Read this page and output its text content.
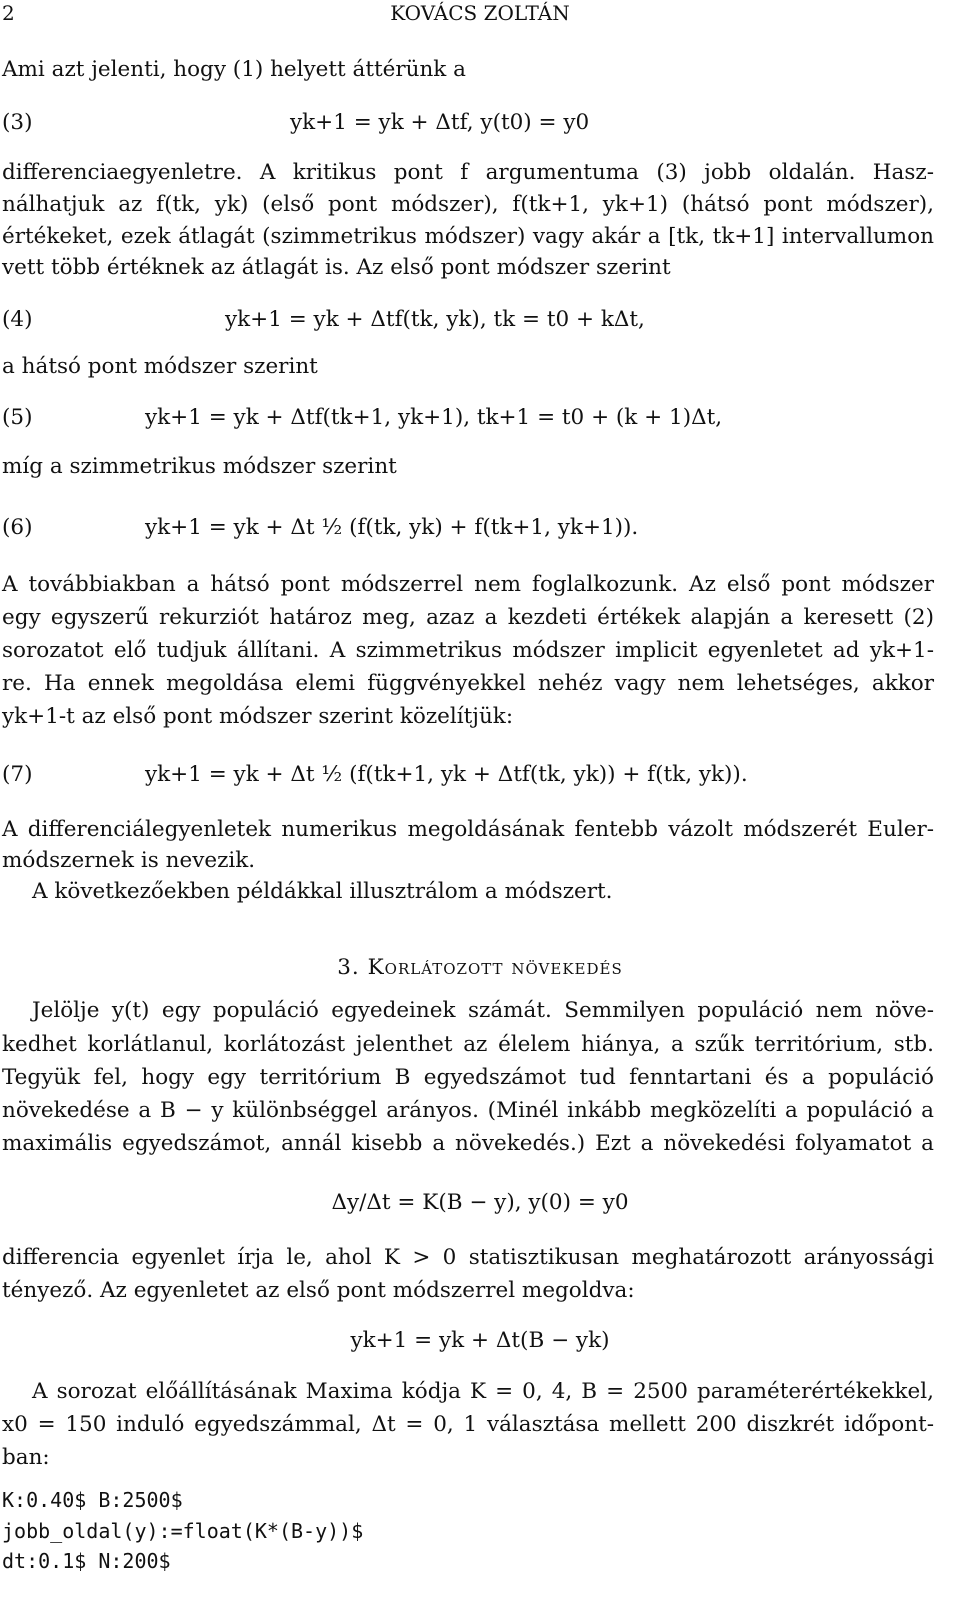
2	KOVÁCS ZOLTÁN
Ami azt jelenti, hogy (1) helyett áttérünk a
(3)	yk+1 = yk + Δtf, y(t0) = y0
differenciaegyenletre. A kritikus pont f argumentuma (3) jobb oldalán. Hasz-
nálhatjuk az f(tk, yk) (első pont módszer), f(tk+1, yk+1) (hátsó pont módszer),
értékeket, ezek átlagát (szimmetrikus módszer) vagy akár a [tk, tk+1] intervallumon
vett több értéknek az átlagát is. Az első pont módszer szerint
(4)	yk+1 = yk + Δtf(tk, yk), tk = t0 + kΔt,
a hátsó pont módszer szerint
(5)	yk+1 = yk + Δtf(tk+1, yk+1), tk+1 = t0 + (k + 1)Δt,
míg a szimmetrikus módszer szerint
(6)	yk+1 = yk + Δt ½ (f(tk, yk) + f(tk+1, yk+1)).
A továbbiakban a hátsó pont módszerrel nem foglalkozunk. Az első pont módszer
egy egyszerű rekurziót határoz meg, azaz a kezdeti értékek alapján a keresett (2)
sorozatot elő tudjuk állítani. A szimmetrikus módszer implicit egyenletet ad yk+1-
re. Ha ennek megoldása elemi függvényekkel nehéz vagy nem lehetséges, akkor
yk+1-t az első pont módszer szerint közelítjük:
(7)	yk+1 = yk + Δt ½ (f(tk+1, yk + Δtf(tk, yk)) + f(tk, yk)).
A differenciálegyenletek numerikus megoldásának fentebb vázolt módszerét Euler-
módszernek is nevezik.
A következőekben példákkal illusztrálom a módszert.
3. Korlátozott növekedés
Jelölje y(t) egy populáció egyedeinek számát. Semmilyen populáció nem növe-
kedhet korlátlanul, korlátozást jelenthet az élelem hiánya, a szűk territórium, stb.
Tegyük fel, hogy egy territórium B egyedszámot tud fenntartani és a populáció
növekedése a B − y különbséggel arányos. (Minél inkább megközelíti a populáció a
maximális egyedszámot, annál kisebb a növekedés.) Ezt a növekedési folyamatot a
Δy/Δt = K(B − y), y(0) = y0
differencia egyenlet írja le, ahol K > 0 statisztikusan meghatározott arányossági
tényező. Az egyenletet az első pont módszerrel megoldva:
yk+1 = yk + Δt(B − yk)
A sorozat előállításának Maxima kódja K = 0, 4, B = 2500 paraméterértékekkel,
x0 = 150 induló egyedszámmal, Δt = 0, 1 választása mellett 200 diszkrét időpont-
ban:
K:0.40$ B:2500$
jobb_oldal(y):=float(K*(B-y))$
dt:0.1$ N:200$
